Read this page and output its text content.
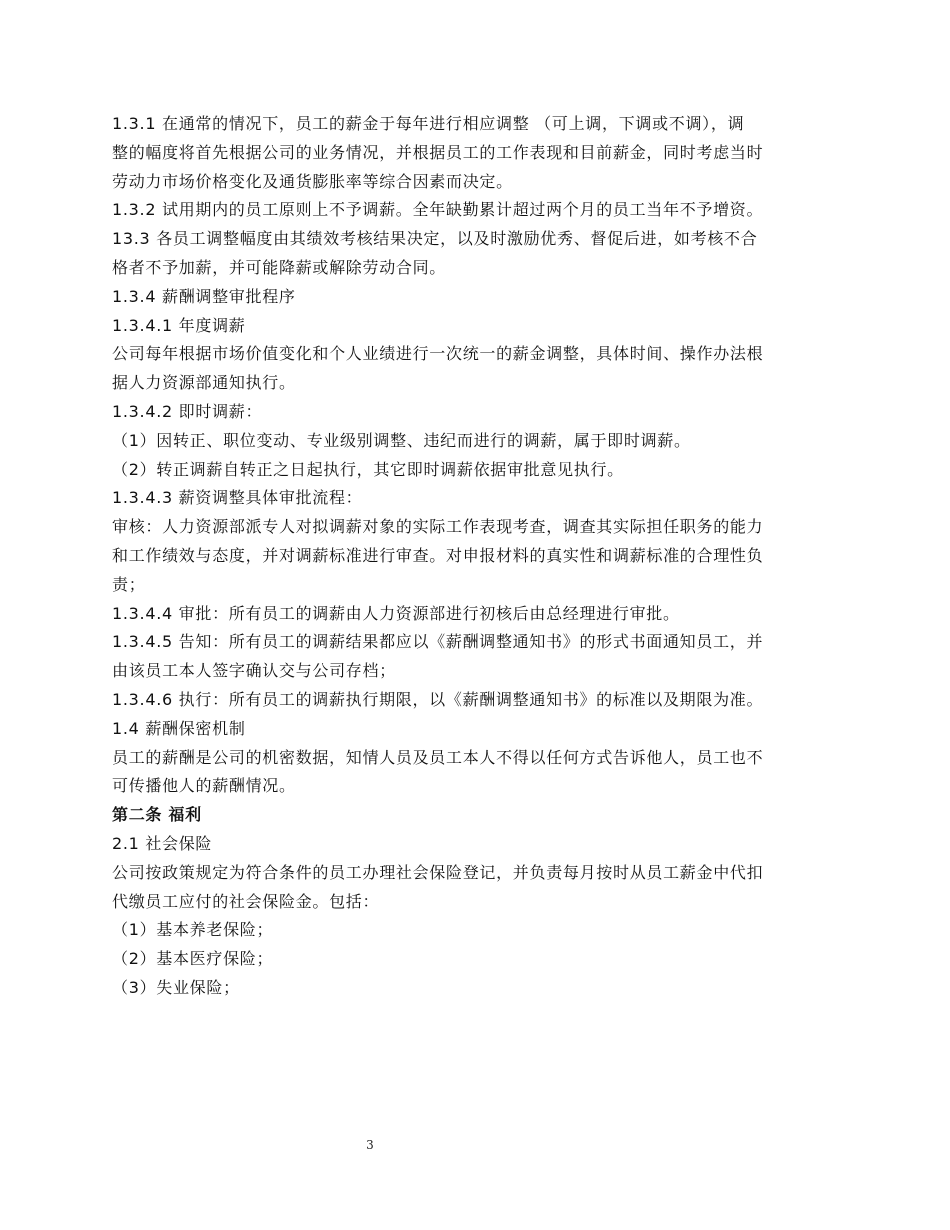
1.3.1 在通常的情况下，员工的薪金于每年进行相应调整 （可上调，下调或不调），调
整的幅度将首先根据公司的业务情况，并根据员工的工作表现和目前薪金，同时考虑当时
劳动力市场价格变化及通货膨胀率等综合因素而决定。
1.3.2 试用期内的员工原则上不予调薪。全年缺勤累计超过两个月的员工当年不予增资。
13.3 各员工调整幅度由其绩效考核结果决定，以及时激励优秀、督促后进，如考核不合
格者不予加薪，并可能降薪或解除劳动合同。
1.3.4 薪酬调整审批程序
1.3.4.1 年度调薪
公司每年根据市场价值变化和个人业绩进行一次统一的薪金调整，具体时间、操作办法根
据人力资源部通知执行。
1.3.4.2 即时调薪：
（1）因转正、职位变动、专业级别调整、违纪而进行的调薪，属于即时调薪。
（2）转正调薪自转正之日起执行，其它即时调薪依据审批意见执行。
1.3.4.3 薪资调整具体审批流程：
审核：人力资源部派专人对拟调薪对象的实际工作表现考查，调查其实际担任职务的能力
和工作绩效与态度，并对调薪标准进行审查。对申报材料的真实性和调薪标准的合理性负
责；
1.3.4.4 审批：所有员工的调薪由人力资源部进行初核后由总经理进行审批。
1.3.4.5 告知：所有员工的调薪结果都应以《薪酬调整通知书》的形式书面通知员工，并
由该员工本人签字确认交与公司存档；
1.3.4.6 执行：所有员工的调薪执行期限，以《薪酬调整通知书》的标准以及期限为准。
1.4 薪酬保密机制
员工的薪酬是公司的机密数据，知情人员及员工本人不得以任何方式告诉他人，员工也不
可传播他人的薪酬情况。
第二条 福利
2.1 社会保险
公司按政策规定为符合条件的员工办理社会保险登记，并负责每月按时从员工薪金中代扣
代缴员工应付的社会保险金。包括：
（1）基本养老保险；
（2）基本医疗保险；
（3）失业保险；
3
